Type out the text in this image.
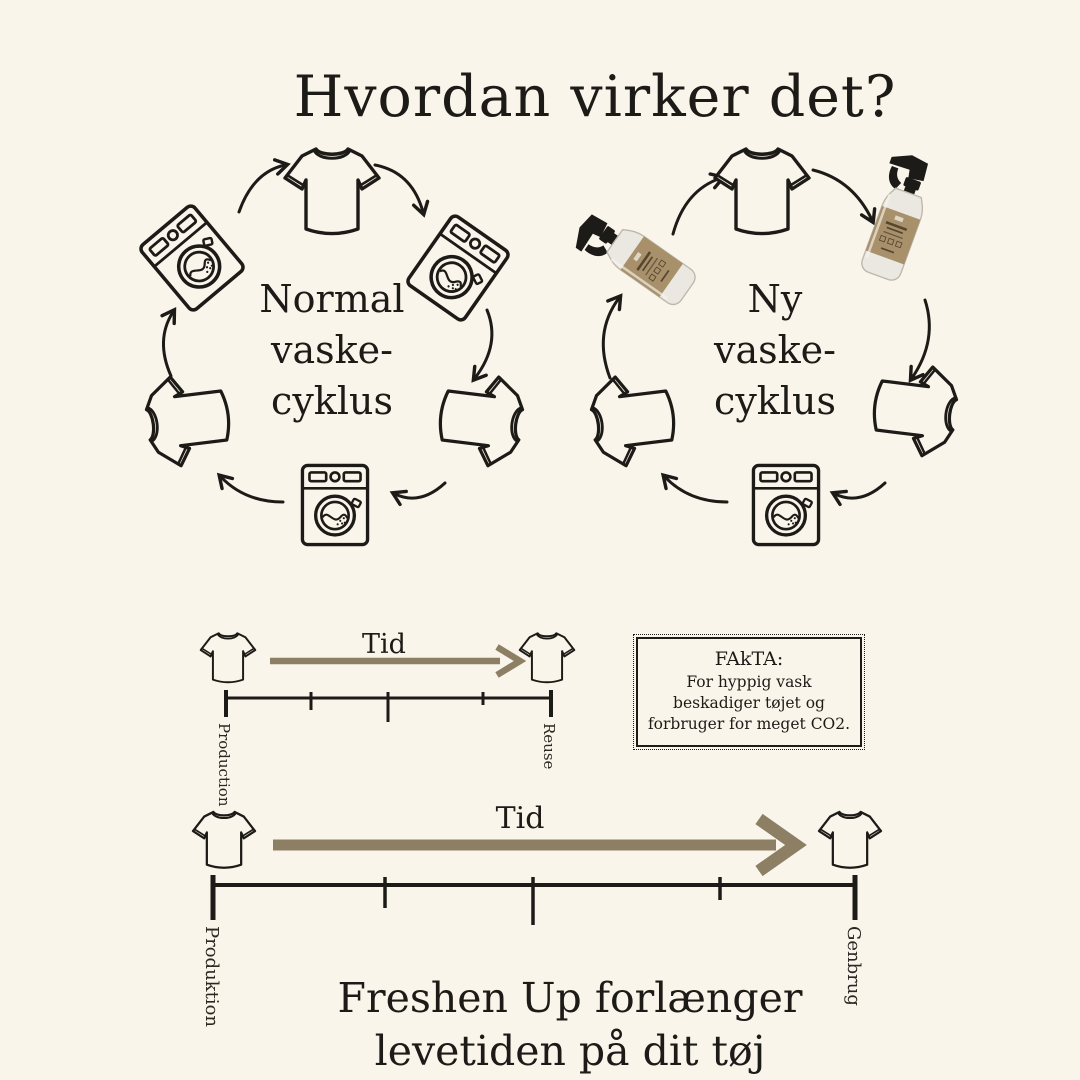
Hvordan virker det?
Normal
vaske-
cyklus
Ny
vaske-
cyklus
Tid
Production	Reuse
FAkTA:
For hyppig vask beskadiger tøjet og forbruger for meget CO2.
Tid
Produktion	Genbrug
Freshen Up forlænger
levetiden på dit tøj
